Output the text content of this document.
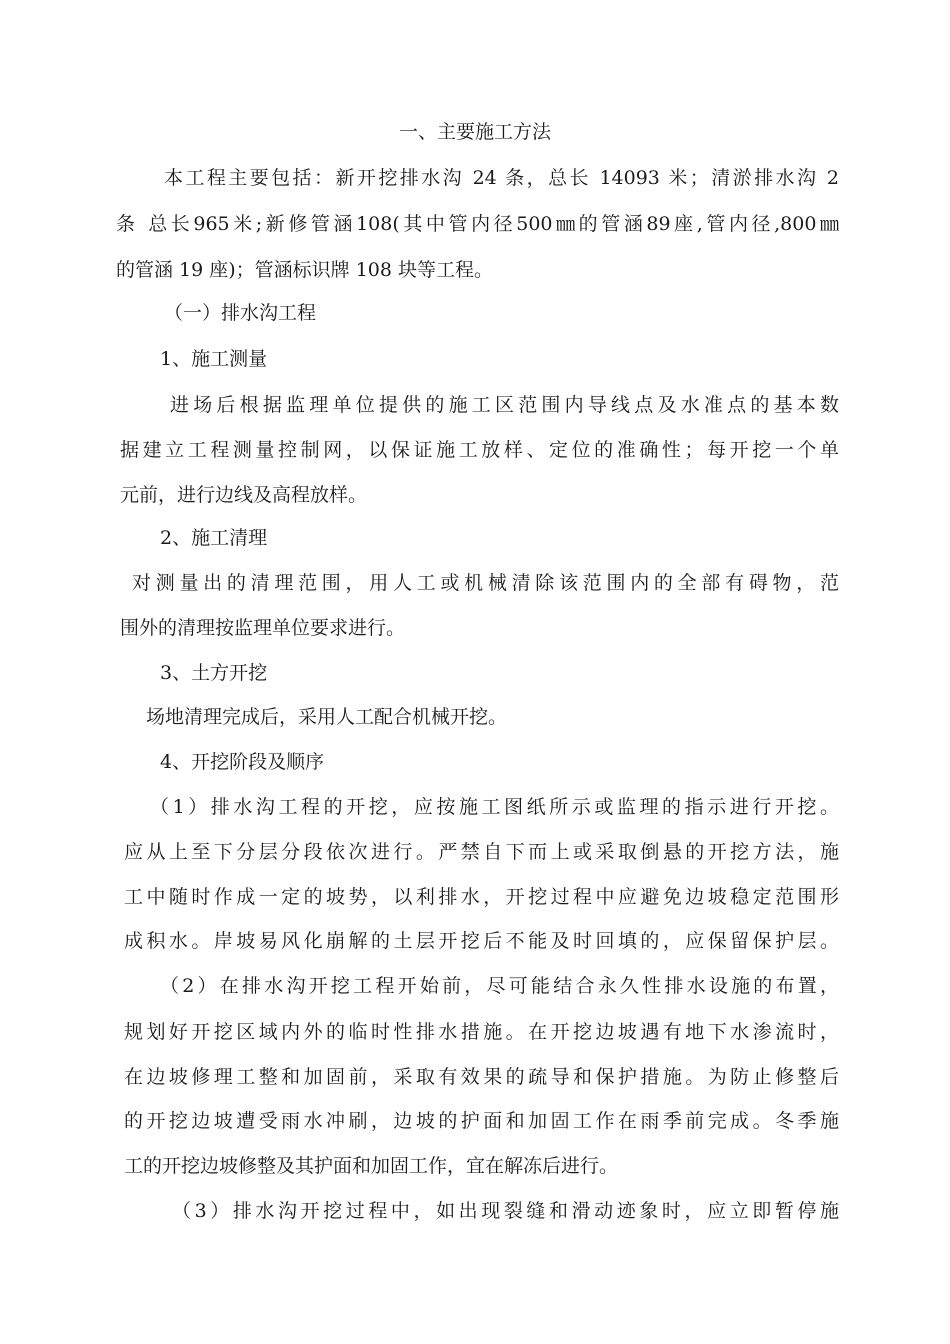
一、主要施工方法
本工程主要包括：新开挖排水沟 24 条，总长 14093 米；清淤排水沟 2
条 总长965米;新修管涵108(其中管内径500㎜的管涵89座,管内径,800㎜
的管涵 19 座)；管涵标识牌 108 块等工程。
（一）排水沟工程
1、施工测量
进场后根据监理单位提供的施工区范围内导线点及水准点的基本数
据建立工程测量控制网，以保证施工放样、定位的准确性；每开挖一个单
元前，进行边线及高程放样。
2、施工清理
对测量出的清理范围，用人工或机械清除该范围内的全部有碍物，范
围外的清理按监理单位要求进行。
3、土方开挖
场地清理完成后，采用人工配合机械开挖。
4、开挖阶段及顺序
（1）排水沟工程的开挖，应按施工图纸所示或监理的指示进行开挖。
应从上至下分层分段依次进行。严禁自下而上或采取倒悬的开挖方法，施
工中随时作成一定的坡势，以利排水，开挖过程中应避免边坡稳定范围形
成积水。岸坡易风化崩解的土层开挖后不能及时回填的，应保留保护层。
（2）在排水沟开挖工程开始前，尽可能结合永久性排水设施的布置，
规划好开挖区域内外的临时性排水措施。在开挖边坡遇有地下水渗流时，
在边坡修理工整和加固前，采取有效果的疏导和保护措施。为防止修整后
的开挖边坡遭受雨水冲刷，边坡的护面和加固工作在雨季前完成。冬季施
工的开挖边坡修整及其护面和加固工作，宜在解冻后进行。
（3）排水沟开挖过程中，如出现裂缝和滑动迹象时，应立即暂停施
